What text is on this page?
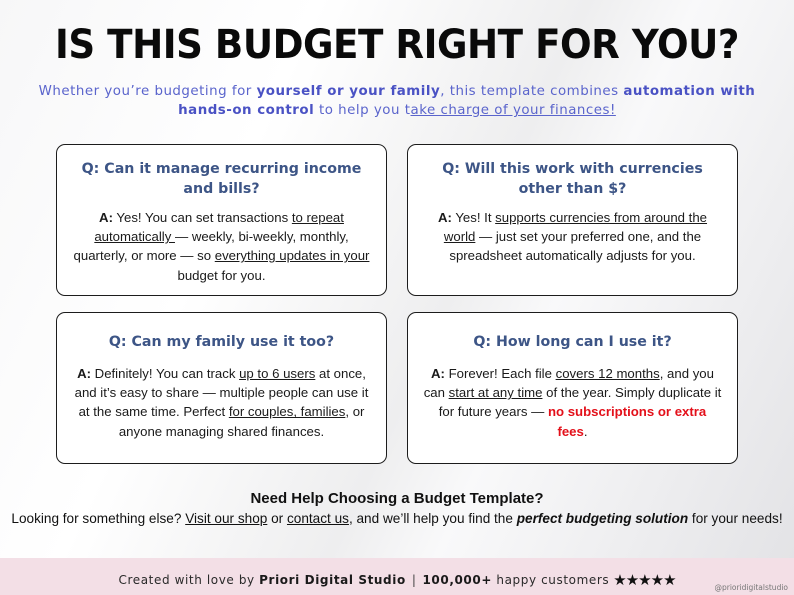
IS THIS BUDGET RIGHT FOR YOU?

Whether you’re budgeting for yourself or your family, this template combines automation with hands-on control to help you take charge of your finances!

Q: Can it manage recurring income and bills?
A: Yes! You can set transactions to repeat automatically — weekly, bi-weekly, monthly, quarterly, or more — so everything updates in your budget for you.
Q: Will this work with currencies other than $?
A: Yes! It supports currencies from around the world — just set your preferred one, and the spreadsheet automatically adjusts for you.
Q: Can my family use it too?
A: Definitely! You can track up to 6 users at once, and it’s easy to share — multiple people can use it at the same time. Perfect for couples, families, or anyone managing shared finances.
Q: How long can I use it?
A: Forever! Each file covers 12 months, and you can start at any time of the year. Simply duplicate it for future years — no subscriptions or extra fees.
Need Help Choosing a Budget Template?
Looking for something else? Visit our shop or contact us, and we’ll help you find the perfect budgeting solution for your needs!
Created with love by Priori Digital Studio | 100,000+ happy customers ★★★★★	@prioridigitalstudio
